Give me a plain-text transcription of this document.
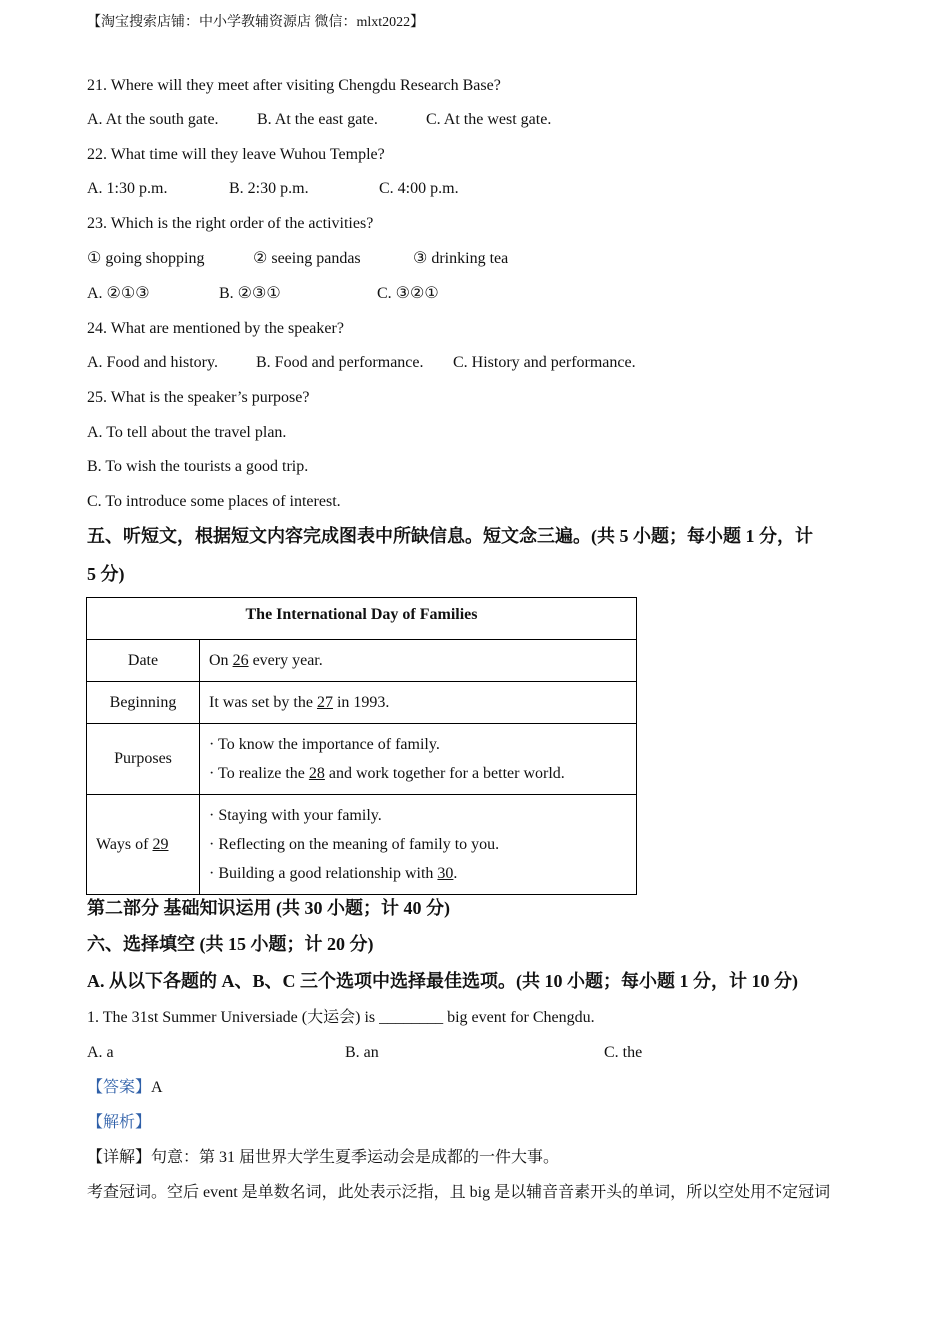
【淘宝搜索店铺：中小学教辅资源店 微信：mlxt2022】
21. Where will they meet after visiting Chengdu Research Base?
A. At the south gate. B. At the east gate.	C. At the west gate.
22. What time will they leave Wuhou Temple?
A. 1:30 p.m.	B. 2:30 p.m.	C. 4:00 p.m.
23. Which is the right order of the activities?
① going shopping	② seeing pandas	③ drinking tea
A. ②①③	B. ②③①	C. ③②①
24. What are mentioned by the speaker?
A. Food and history. B. Food and performance. C. History and performance.
25. What is the speaker’s purpose?
A. To tell about the travel plan.
B. To wish the tourists a good trip.
C. To introduce some places of interest.
五、听短文，根据短文内容完成图表中所缺信息。短文念三遍。(共 5 小题；每小题 1 分，计
5 分)
The International Day of Families	
Date	On 26 every year.
Beginning	It was set by the 27 in 1993.
Purposes	· To know the importance of family.
· To realize the 28 and work together for a better world.

Ways of 29	· Staying with your family.
· Reflecting on the meaning of family to you.
· Building a good relationship with 30.
第二部分 基础知识运用 (共 30 小题；计 40 分)
六、选择填空 (共 15 小题；计 20 分)
A. 从以下各题的 A、B、C 三个选项中选择最佳选项。(共 10 小题；每小题 1 分，计 10 分)
1. The 31st Summer Universiade (大运会) is ________ big event for Chengdu.
A. a	B. an	C. the
【答案】A
【解析】
【详解】句意：第 31 届世界大学生夏季运动会是成都的一件大事。
考查冠词。空后 event 是单数名词，此处表示泛指，且 big 是以辅音音素开头的单词，所以空处用不定冠词
